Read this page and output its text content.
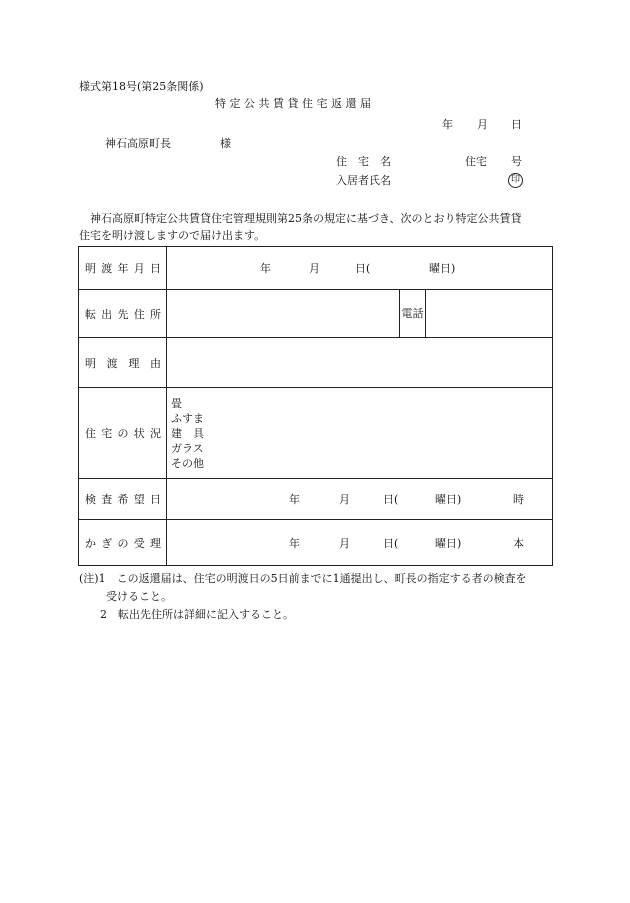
様式第18号(第25条関係)
特 定 公 共 賃 貸 住 宅 返 還 届
年 月 日
神石高原町長	様
住　宅　名	住宅 号
入居者氏名	印
神石高原町特定公共賃貸住宅管理規則第25条の規定に基づき、次のとおり特定公共賃貸
住宅を明け渡しますので届け出ます。
明渡年月日	年 月 日( 曜日)		

転出先住所		電話	

明渡理由			

住宅の状況	畳
ふすま
建　具
ガラス
その他		

検査希望日	年 月 日( 曜日) 時		

かぎの受理	年 月 日( 曜日) 本		
(注)1　この返還届は、住宅の明渡日の5日前までに1通提出し、町長の指定する者の検査を
受けること。
2　転出先住所は詳細に記入すること。
